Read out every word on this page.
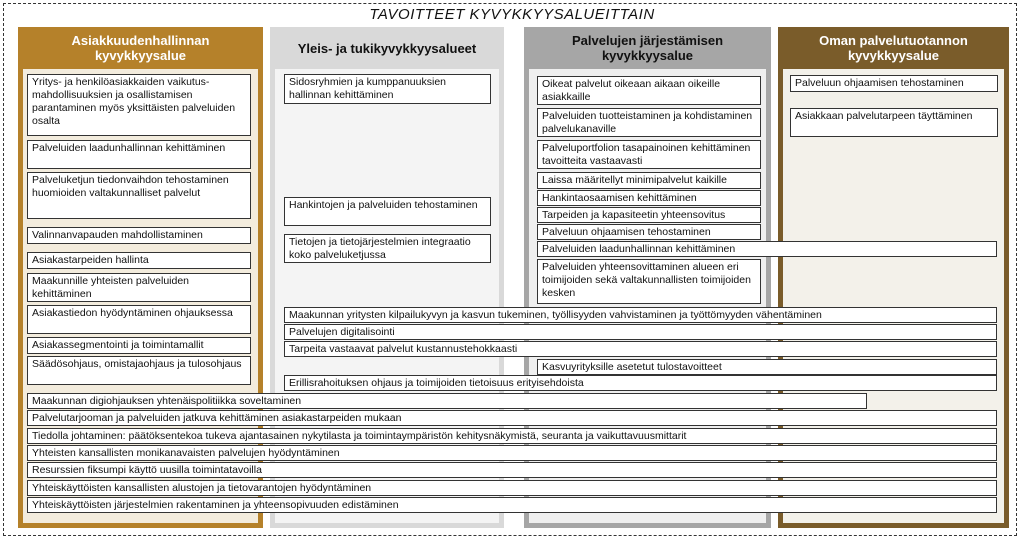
TAVOITTEET KYVYKKYYSALUEITTAIN
Asiakkuudenhallinnan kyvykkyysalue	Yleis- ja tukikyvykkyysalueet	Palvelujen järjestämisen kyvykkyysalue
Oman palvelutuotannon kyvykkyysalue
Yritys- ja henkilöasiakkaiden vaikutus-mahdollisuuksien ja osallistamisen parantaminen myös yksittäisten palveluiden osalta
Palveluiden laadunhallinnan kehittäminen
Palveluketjun tiedonvaihdon tehostaminen huomioiden valtakunnalliset palvelut
Valinnanvapauden mahdollistaminen
Asiakastarpeiden hallinta
Maakunnille yhteisten palveluiden kehittäminen
Asiakastiedon hyödyntäminen ohjauksessa
Asiakassegmentointi ja toimintamallit
Säädösohjaus, omistajaohjaus ja tulosohjaus
Sidosryhmien ja kumppanuuksien hallinnan kehittäminen
Hankintojen ja palveluiden tehostaminen
Tietojen ja tietojärjestelmien integraatio koko palveluketjussa
Oikeat palvelut oikeaan aikaan oikeille asiakkaille
Palveluiden tuotteistaminen ja kohdistaminen palvelukanaville
Palveluportfolion tasapainoinen kehittäminen tavoitteita vastaavasti
Laissa määritellyt minimipalvelut kaikille
Hankintaosaamisen kehittäminen
Tarpeiden ja kapasiteetin yhteensovitus
Palveluun ohjaamisen tehostaminen
Palveluiden laadunhallinnan kehittäminen
Palveluiden yhteensovittaminen alueen eri toimijoiden sekä valtakunnallisten toimijoiden kesken
Palveluun ohjaamisen tehostaminen
Asiakkaan palvelutarpeen täyttäminen
Maakunnan yritysten kilpailukyvyn ja kasvun tukeminen, työllisyyden vahvistaminen ja työttömyyden vähentäminen
Palvelujen digitalisointi
Tarpeita vastaavat palvelut kustannustehokkaasti
Kasvuyrityksille asetetut tulostavoitteet
Erillisrahoituksen ohjaus ja toimijoiden tietoisuus erityisehdoista
Maakunnan digiohjauksen yhtenäispolitiikka soveltaminen
Palvelutarjooman ja palveluiden jatkuva kehittäminen asiakastarpeiden mukaan
Tiedolla johtaminen: päätöksentekoa tukeva ajantasainen nykytilasta ja toimintaympäristön kehitysnäkymistä, seuranta ja vaikuttavuusmittarit
Yhteisten kansallisten monikanavaisten palvelujen hyödyntäminen
Resurssien fiksumpi käyttö uusilla toimintatavoilla
Yhteiskäyttöisten kansallisten alustojen ja tietovarantojen hyödyntäminen
Yhteiskäyttöisten järjestelmien rakentaminen ja yhteensopivuuden edistäminen
